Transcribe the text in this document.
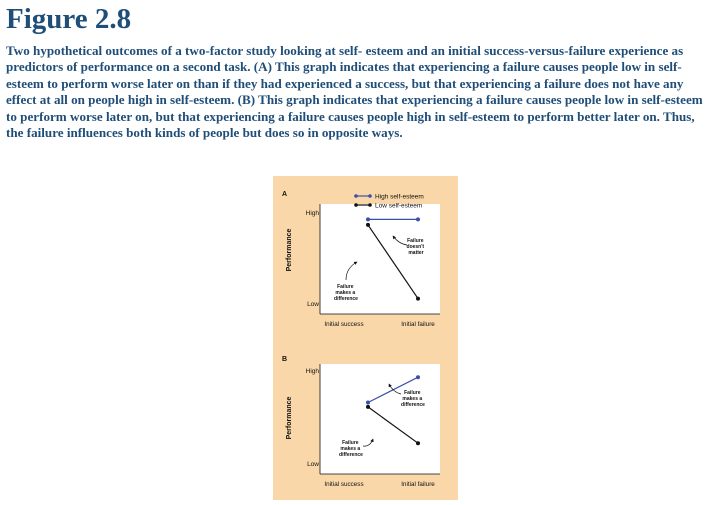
Figure 2.8
Two hypothetical outcomes of a two-factor study looking at self- esteem and an initial success-versus-failure experience as predictors of performance on a second task. (A) This graph indicates that experiencing a failure causes people low in self-esteem to perform worse later on than if they had experienced a success, but that experiencing a failure does not have any effect at all on people high in self-esteem. (B) This graph indicates that experiencing a failure causes people low in self-esteem to perform worse later on, but that experiencing a failure causes people high in self-esteem to perform better later on. Thus, the failure influences both kinds of people but does so in opposite ways.
A
Performance
High
Low
Initial success	Initial failure
High self-esteem
Low self-esteem
Failure doesn't matter
Failure makes a difference
B
Performance
High
Low
Initial success	Initial failure
Failure makes a difference
Failure makes a difference
